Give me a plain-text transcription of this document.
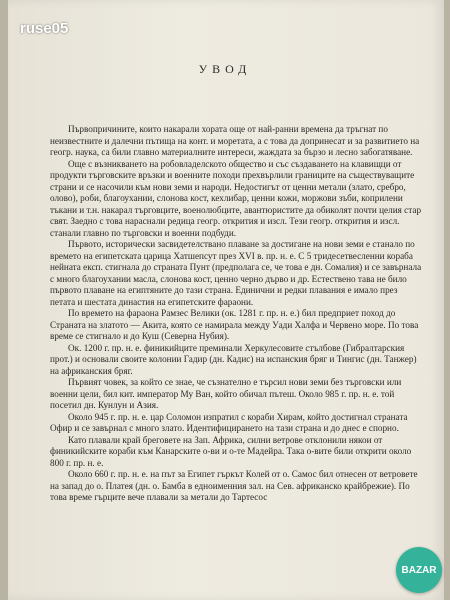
ruse05
УВОД

Първопричините, които накарали хората още от най-ранни времена да тръгнат по неизвестните и далечни пътища на конт. и моретата, а с това да допринесат и за развитието на геогр. наука, са били главно материалните интереси, жаждата за бързо и лесно забогатяване.

Още с възникването на робовладелското общество и със създаването на клавищци от продукти търговските връзки и военните походи прехвърлили границите на съществуващите страни и се насочили към нови земи и народи. Недостигът от ценни метали (злато, сребро, олово), роби, благоухании, слонова кост, кехлибар, ценни кожи, моржови зъби, коприлени тъкани и т.н. накарал търговците, военолюбците, авантюристите да обиколят почти целия стар свят. Заедно с това нараснали редица геогр. открития и изсл. Тези геогр. открития и изсл. станали главно по търговски и военни подбуди.

Първото, исторически засвидетелствано плаване за достигане на нови земи е станало по времето на египетската царица Хатшепсут през XVI в. пр. н. е. С 5 тридесетвесленни кораба нейната експ. стигнала до страната Пунт (предполага се, че това е дн. Сомалия) и се завърнала с много благоухании масла, слонова кост, ценно черно дърво и др. Естествено тава не било първото плаване на египтяните до тази страна. Единични и редки плавания е имало през петата и шестата династия на египетските фараони.

По времето на фараона Рамзес Велики (ок. 1281 г. пр. н. е.) бил предприет поход до Страната на златото — Акита, която се намирала между Уади Халфа и Червено море. По това време се стигнало и до Куш (Северна Нубия).

Ок. 1200 г. пр. н. е. финикийците преминали Херкулесовите стълбове (Гибралтарския прот.) и основали своите колонии Гадир (дн. Кадис) на испанския бряг и Тингис (дн. Танжер) на африканския бряг.

Първият човек, за който се знае, че съзнателно е търсил нови земи без търговски или военни цели, бил кит. император Му Ван, който обичал пътеш. Около 985 г. пр. н. е. той посетил дн. Кунлун и Азия.

Около 945 г. пр. н. е. цар Соломон изпратил с кораби Хирам, който достигнал страната Офир и се завърнал с много злато. Идентифицирането на тази страна и до днес е спорно.

Като плавали край бреговете на Зап. Африка, силни ветрове отклонили някои от финикийските кораби към Канарските о-ви и о-те Мадейра. Така о-вите били открити около 800 г. пр. н. е.

Около 660 г. пр. н. е. на път за Египет гъркът Колей от о. Самос бил отнесен от ветровете на запад до о. Платея (дн. о. Бамба в едноименния зал. на Сев. африканско крайбрежие). По това време гърците вече плавали за метали до Тартесос

BAZAR
